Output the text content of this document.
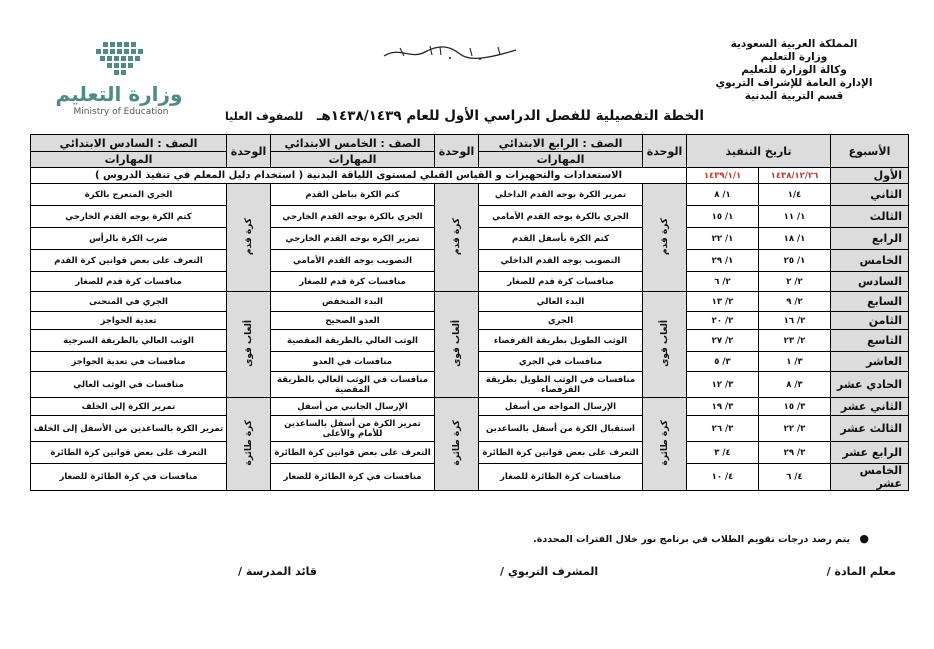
المملكة العربية السعودية
وزارة التعليم
وكالة الوزارة للتعليم
الإدارة العامة للإشراف التربوي
قسم التربية البدنية
وزارة التعليم
Ministry of Education	الخطة التفصيلية للفصل الدراسي الأول للعام ١٤٣٨/١٤٣٩هـ
للصفوف العليا
الأسبوع	تاريخ التنفيذ		الوحدة	الصف : الرابع الابتدائي	الوحدة	الصف : الخامس الابتدائي	الوحدة	الصف : السادس الابتدائي
				المهارات		المهارات		المهارات
الأول	١٤٣٨/١٢/٢٦	١٤٣٩/١/١	الاستعدادات والتجهيزات و القياس القبلي لمستوى اللياقة البدنية ( استخدام دليل المعلم في تنفيذ الدروس )					
الثاني	١/٤	١/ ٨	كرة قدم	تمرير الكرة بوجه القدم الداخلي	كرة قدم	كتم الكرة بباطن القدم	كرة قدم	الجري المتعرج بالكرة
الثالث	١/ ١١	١/ ١٥		الجري بالكرة بوجه القدم الأمامي		الجري بالكرة بوجه القدم الخارجي		كتم الكرة بوجه القدم الخارجي
الرابع	١/ ١٨	١/ ٢٢		كتم الكرة بأسفل القدم		تمرير الكره بوجه القدم الخارجي		ضرب الكرة بالرأس
الخامس	١/ ٢٥	١/ ٢٩		التصويب بوجه القدم الداخلي		التصويب بوجه القدم الأمامي		التعرف على بعض قوانين كرة القدم
السادس	٢/ ٢	٢/ ٦		منافسات كرة قدم للصغار		منافسات كرة قدم للصغار		منافسات كرة قدم للصغار
السابع	٢/ ٩	٢/ ١٣	ألعاب قوى	البدء العالي	ألعاب قوى	البدء المنخفض	ألعاب قوى	الجري في المنحنى
الثامن	٢/ ١٦	٢/ ٢٠		الجري		العدو الصحيح		تعدية الحواجز
التاسع	٢/ ٢٣	٢/ ٢٧		الوثب الطويل بطريقة القرفصاء		الوثب العالي بالطريقة المقصية		الوثب العالي بالطريقة السرجية
العاشر	٣/ ١	٣/ ٥		منافسات في الجري		منافسات في العدو		منافسات في تعدية الحواجز
الحادي عشر	٣/ ٨	٣/ ١٢		منافسات في الوثب الطويل بطريقة القرفصاء		منافسات في الوثب العالي بالطريقة المقصية		منافسات في الوثب العالي
الثاني عشر	٣/ ١٥	٣/ ١٩	كرة طائرة	الإرسال المواجه من أسفل	كرة طائرة	الإرسال الجانبي من أسفل	كرة طائرة	تمرير الكرة إلى الخلف
الثالث عشر	٣/ ٢٢	٣/ ٢٦		استقبال الكرة من أسفل بالساعدين		تمرير الكرة من أسفل بالساعدين للأمام والأعلى		تمرير الكرة بالساعدين من الأسفل إلى الخلف
الرابع عشر	٣/ ٢٩	٤/ ٣		التعرف على بعض قوانين كرة الطائرة		التعرف على بعض قوانين كرة الطائرة		التعرف على بعض قوانين كرة الطائرة
الخامس عشر	٤/ ٦	٤/ ١٠		منافسات كرة الطائرة للصغار		منافسات في كرة الطائرة للصغار		منافسات في كرة الطائرة للصغار
● يتم رصد درجات تقويم الطلاب في برنامج نور خلال الفترات المحددة.
معلم المادة /
المشرف التربوي /
قائد المدرسة /
